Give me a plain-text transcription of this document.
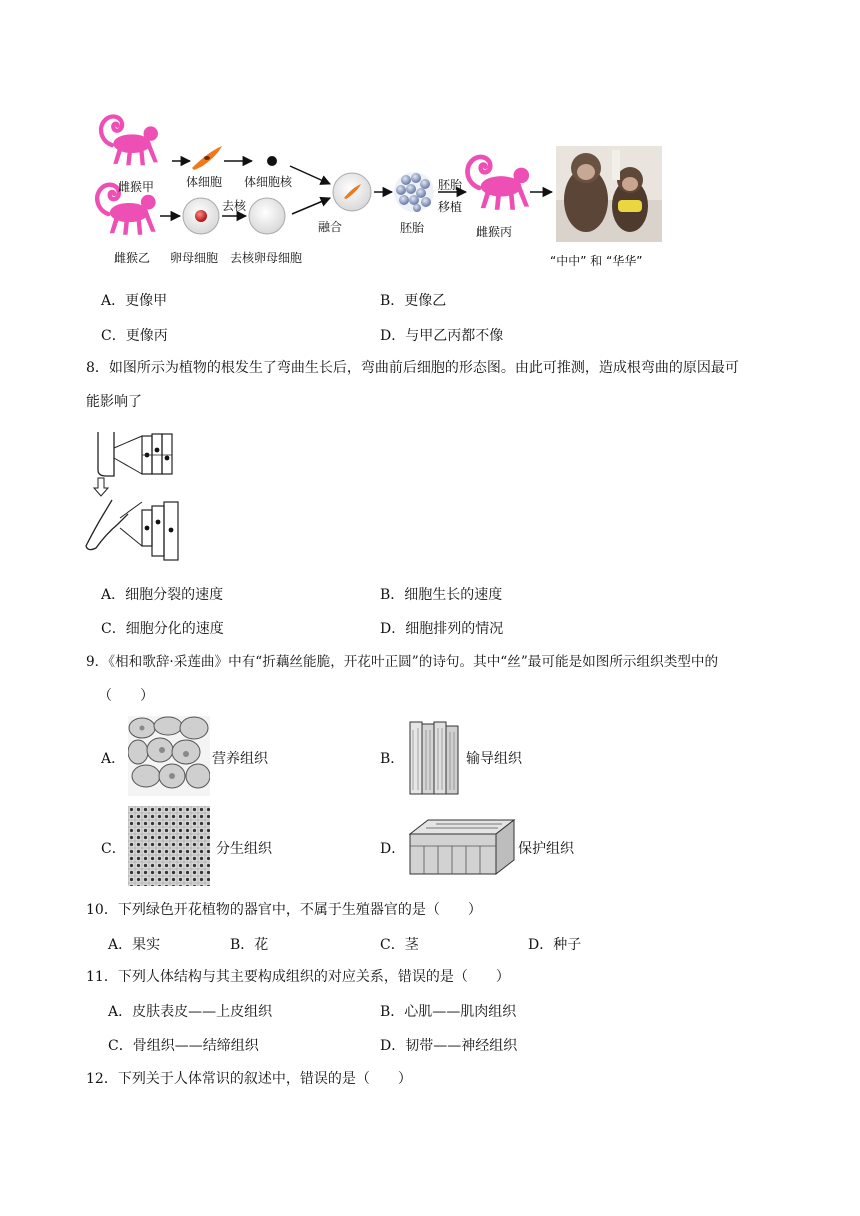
雌猴甲	体细胞 体细胞核
去核
融合	胚胎
胚胎
移植
雌猴丙
雌猴乙 卵母细胞 去核卵母细胞	“中中” 和 “华华”
A．更像甲	B．更像乙
C．更像丙	D．与甲乙丙都不像
8．如图所示为植物的根发生了弯曲生长后，弯曲前后细胞的形态图。由此可推测，造成根弯曲的原因最可
能影响了
A．细胞分裂的速度	B．细胞生长的速度
C．细胞分化的速度	D．细胞排列的情况
9．《相和歌辞·采莲曲》中有“折藕丝能脆，开花叶正圆”的诗句。其中“丝”最可能是如图所示组织类型中的
（　　）
A．	营养组织	B．	输导组织
C．	分生组织	D．	保护组织
10．下列绿色开花植物的器官中，不属于生殖器官的是（　　）
A．果实	B．花	C．茎	D．种子
11．下列人体结构与其主要构成组织的对应关系，错误的是（　　）
A．皮肤表皮——上皮组织	B．心肌——肌肉组织
C．骨组织——结缔组织	D．韧带——神经组织
12．下列关于人体常识的叙述中，错误的是（　　）
